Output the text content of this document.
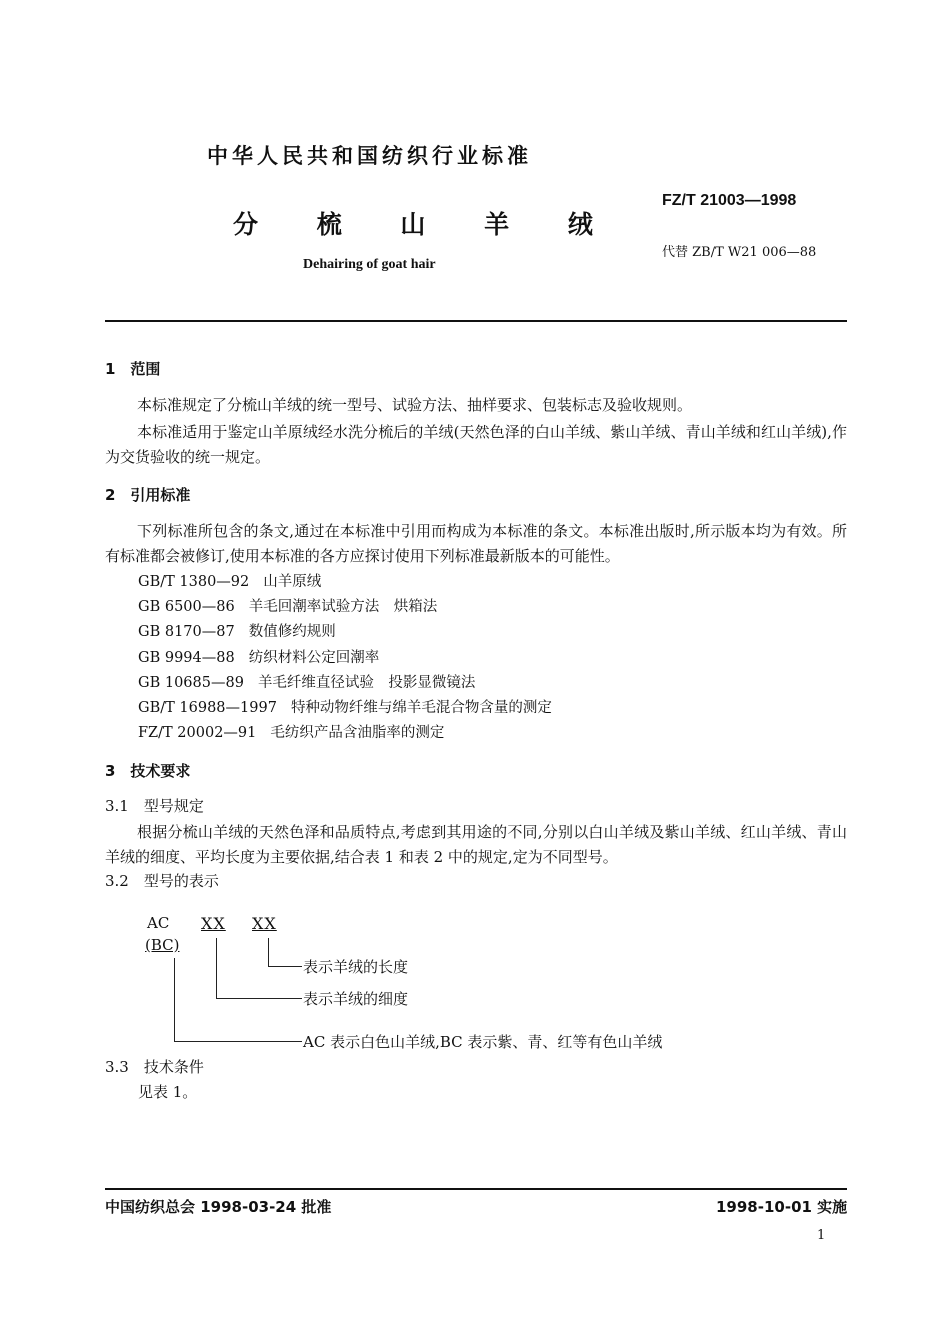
中华人民共和国纺织行业标准
FZ/T 21003—1998
分 梳 山 羊 绒
代替 ZB/T W21 006—88
Dehairing of goat hair
1　范围
本标准规定了分梳山羊绒的统一型号、试验方法、抽样要求、包装标志及验收规则。
本标准适用于鉴定山羊原绒经水洗分梳后的羊绒(天然色泽的白山羊绒、紫山羊绒、青山羊绒和红山羊绒),作为交货验收的统一规定。
2　引用标准
下列标准所包含的条文,通过在本标准中引用而构成为本标准的条文。本标准出版时,所示版本均为有效。所有标准都会被修订,使用本标准的各方应探讨使用下列标准最新版本的可能性。
GB/T 1380—92 山羊原绒
GB 6500—86 羊毛回潮率试验方法　烘箱法
GB 8170—87 数值修约规则
GB 9994—88 纺织材料公定回潮率
GB 10685—89 羊毛纤维直径试验　投影显微镜法
GB/T 16988—1997 特种动物纤维与绵羊毛混合物含量的测定
FZ/T 20002—91 毛纺织产品含油脂率的测定
3　技术要求
3.1　型号规定
根据分梳山羊绒的天然色泽和品质特点,考虑到其用途的不同,分别以白山羊绒及紫山羊绒、红山羊绒、青山羊绒的细度、平均长度为主要依据,结合表 1 和表 2 中的规定,定为不同型号。
3.2　型号的表示
AC
(BC)
XX XX
表示羊绒的长度
表示羊绒的细度
AC 表示白色山羊绒,BC 表示紫、青、红等有色山羊绒
3.3　技术条件
见表 1。
中国纺织总会 1998-03-24 批准	1998-10-01 实施
1
